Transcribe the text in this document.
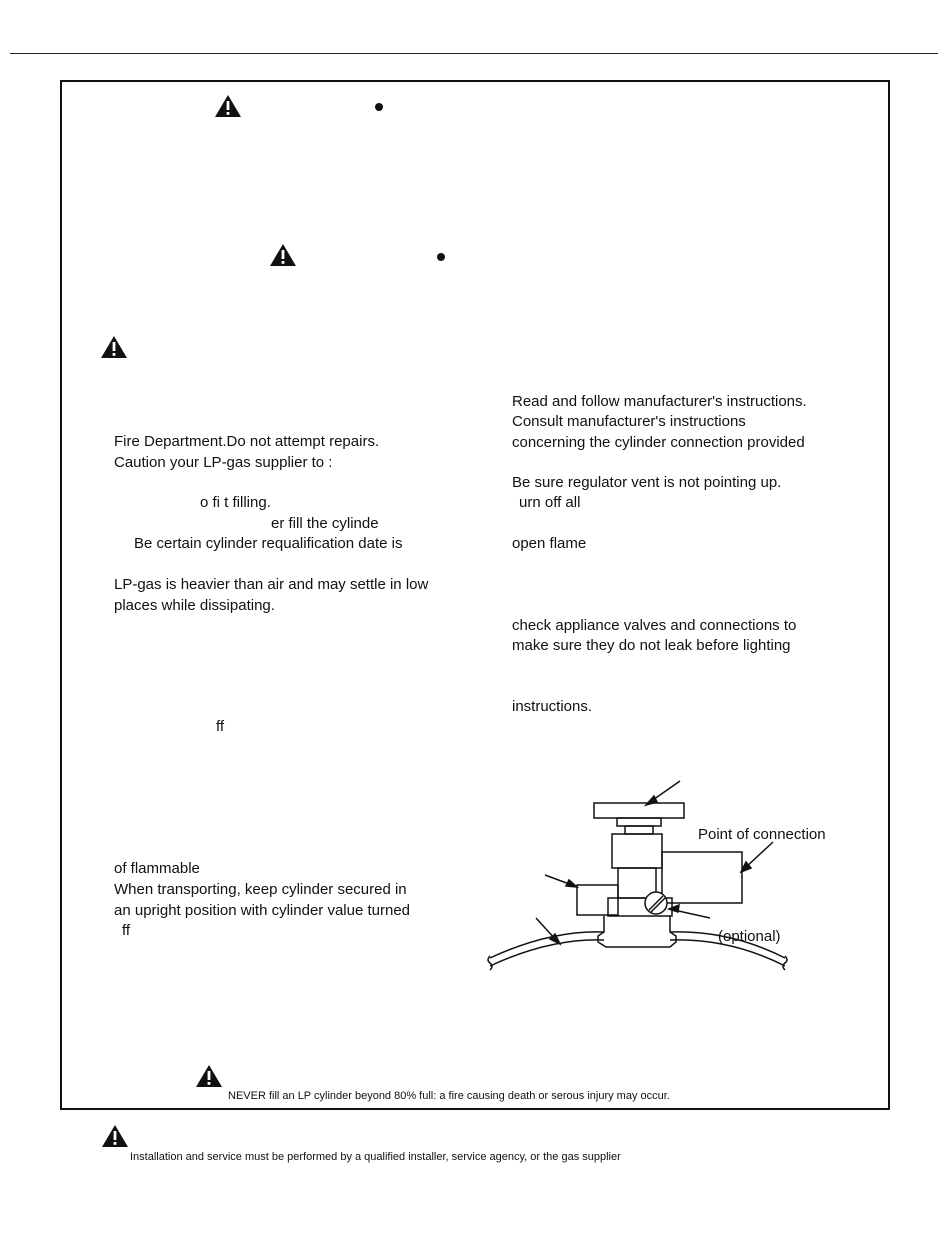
Fire Department.Do not attempt repairs.
Caution your LP-gas supplier to :
o fi t filling.
er fill the cylinde
Be certain cylinder requalification date is
LP-gas is heavier than air and may settle in low
places while dissipating.
ff
of flammable
When transporting, keep cylinder secured in
an upright position with cylinder value turned
ff
Read and follow manufacturer's instructions.
Consult manufacturer's instructions
concerning the cylinder connection provided
Be sure regulator vent is not pointing up.
urn off all
open flame
check appliance valves and connections to
make sure they do not leak before lighting
instructions.
Point of connection
(optional)
NEVER fill an LP cylinder beyond 80% full: a fire causing death or serous injury may occur.
Installation and service must be performed by a qualified installer, service agency, or the gas supplier
